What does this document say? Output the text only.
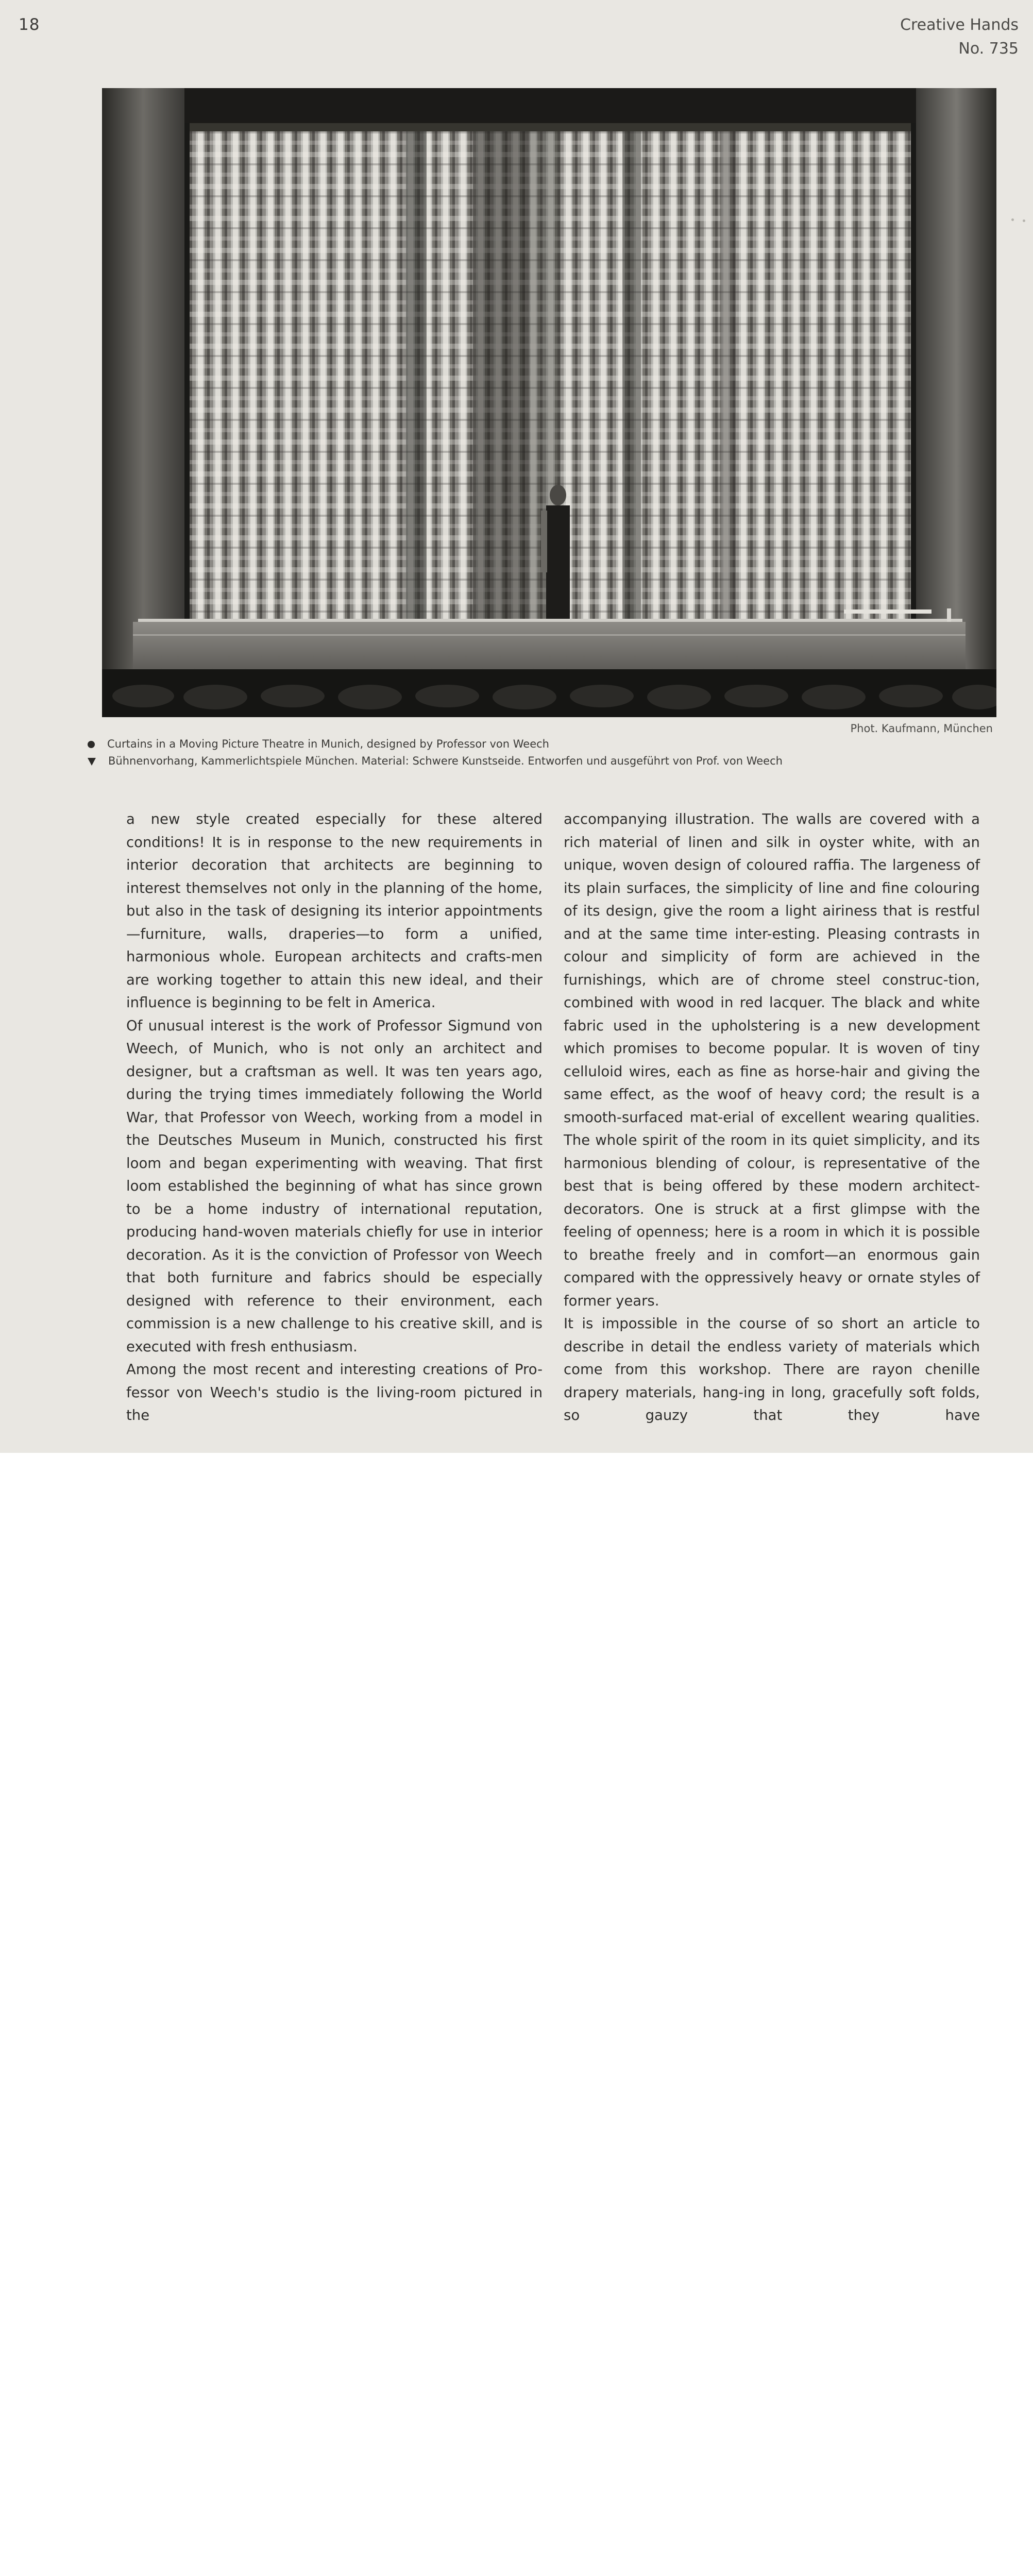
18	Creative Hands
No. 735
Phot. Kaufmann, München
Curtains in a Moving Picture Theatre in Munich, designed by Professor von Weech
Bühnenvorhang, Kammerlichtspiele München. Material: Schwere Kunstseide. Entworfen und ausgeführt von Prof. von Weech

a new style created especially for these altered conditions! It is in response to the new requirements in interior decoration that architects are beginning to interest themselves not only in the planning of the home, but also in the task of designing its interior appointments—furniture, walls, draperies—to form a unified, harmonious whole. European architects and crafts-men are working together to attain this new ideal, and their influence is beginning to be felt in America.

Of unusual interest is the work of Professor Sigmund von Weech, of Munich, who is not only an architect and designer, but a craftsman as well. It was ten years ago, during the trying times immediately following the World War, that Professor von Weech, working from a model in the Deutsches Museum in Munich, constructed his first loom and began experimenting with weaving. That first loom established the beginning of what has since grown to be a home industry of international reputation, producing hand-woven materials chiefly for use in interior decoration. As it is the conviction of Professor von Weech that both furniture and fabrics should be especially designed with reference to their environment, each commission is a new challenge to his creative skill, and is executed with fresh enthusiasm.

Among the most recent and interesting creations of Pro-fessor von Weech's studio is the living-room pictured in the

accompanying illustration. The walls are covered with a rich material of linen and silk in oyster white, with an unique, woven design of coloured raffia. The largeness of its plain surfaces, the simplicity of line and fine colouring of its design, give the room a light airiness that is restful and at the same time inter-esting. Pleasing contrasts in colour and simplicity of form are achieved in the furnishings, which are of chrome steel construc-tion, combined with wood in red lacquer. The black and white fabric used in the upholstering is a new development which promises to become popular. It is woven of tiny celluloid wires, each as fine as horse-hair and giving the same effect, as the woof of heavy cord; the result is a smooth-surfaced mat-erial of excellent wearing qualities. The whole spirit of the room in its quiet simplicity, and its harmonious blending of colour, is representative of the best that is being offered by these modern architect-decorators. One is struck at a first glimpse with the feeling of openness; here is a room in which it is possible to breathe freely and in comfort—an enormous gain compared with the oppressively heavy or ornate styles of former years.

It is impossible in the course of so short an article to describe in detail the endless variety of materials which come from this workshop. There are rayon chenille drapery materials, hang-ing in long, gracefully soft folds, so gauzy that they have
